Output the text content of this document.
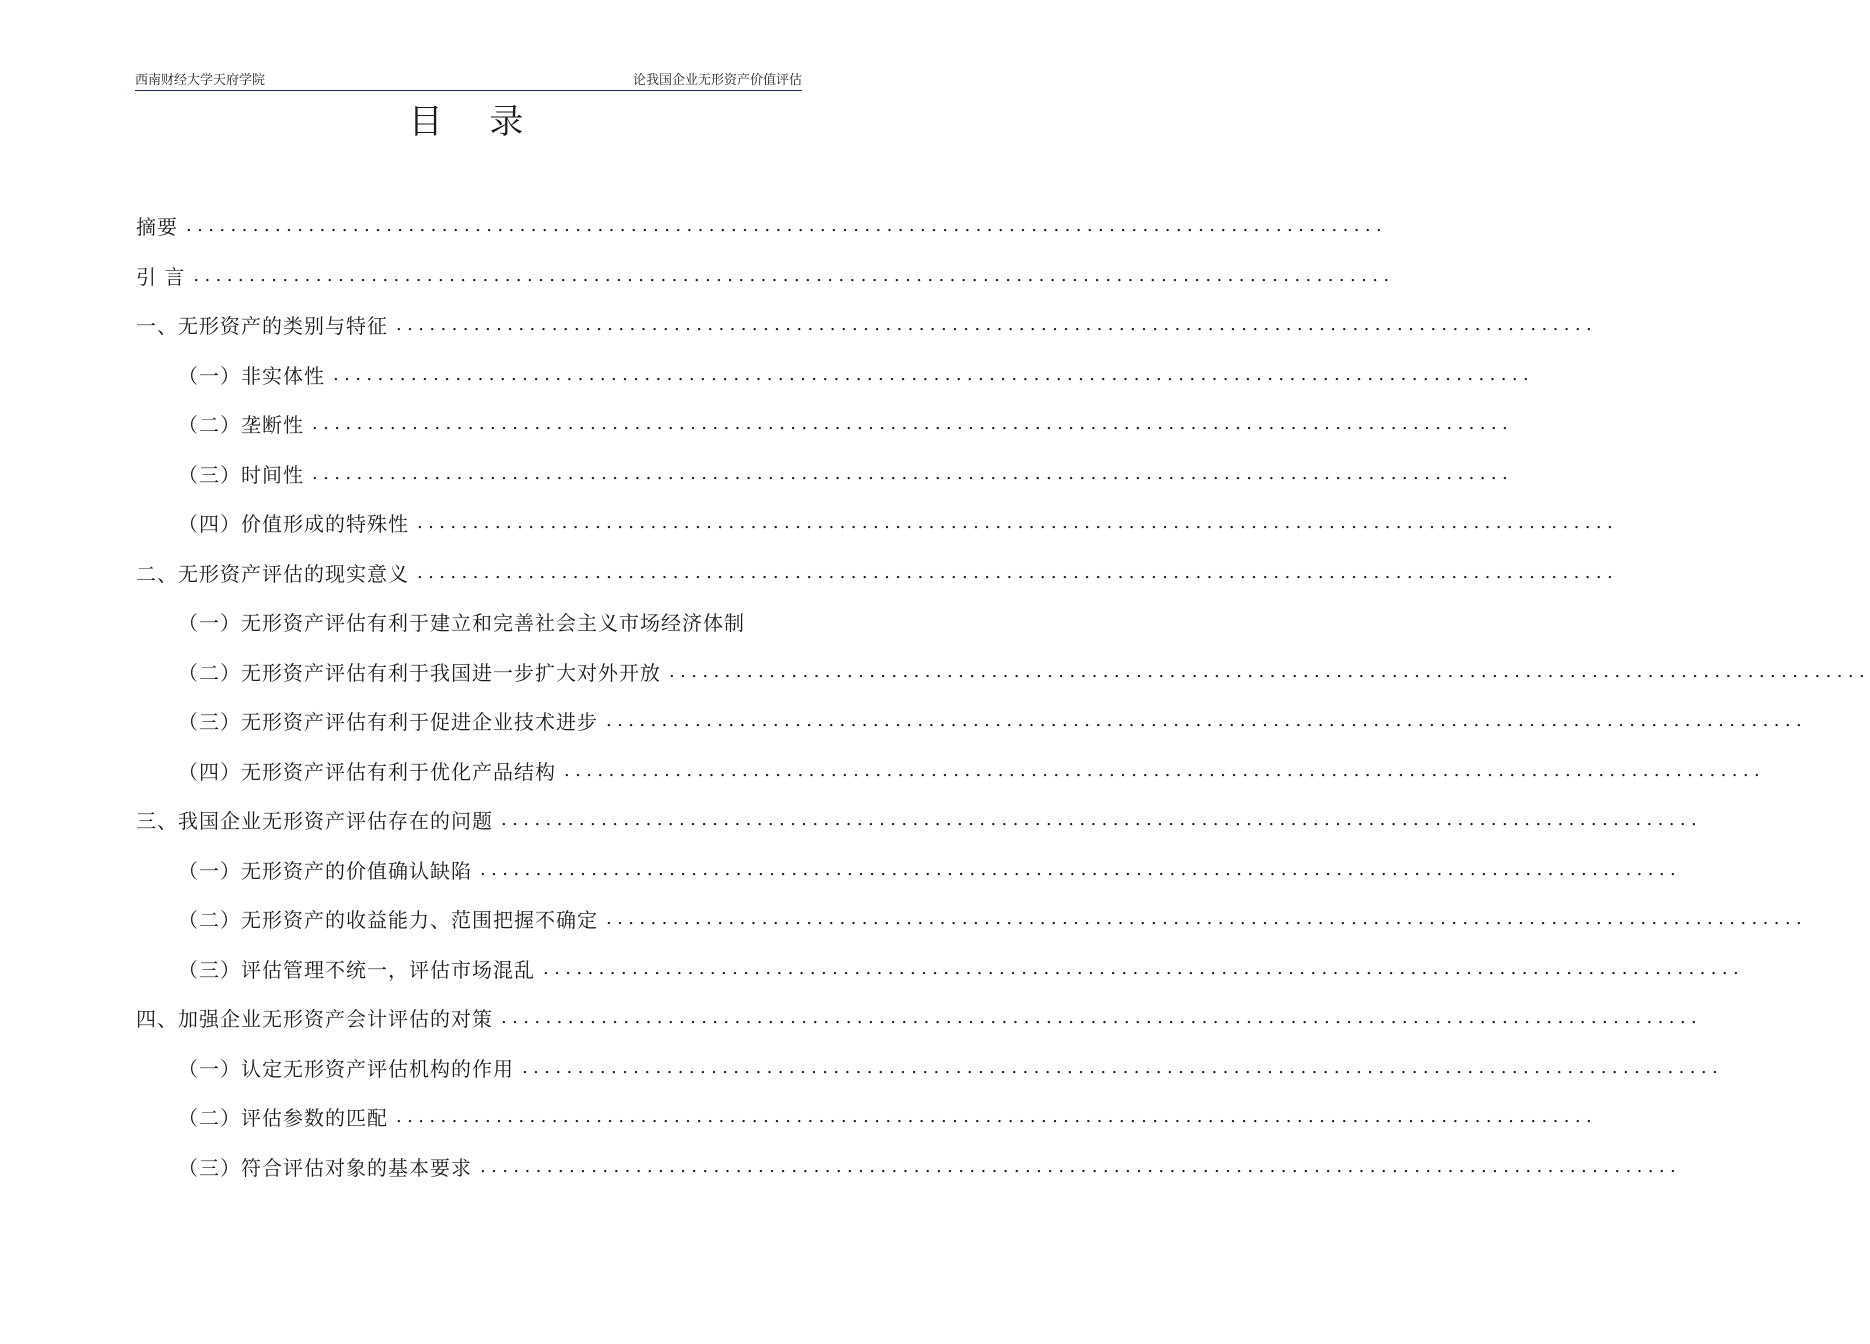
西南财经大学天府学院	论我国企业无形资产价值评估
目 录
摘要 ............................................................................................................
引 言 ............................................................................................................
一、无形资产的类别与特征 ............................................................................................................
（一）非实体性 ............................................................................................................
（二）垄断性 ............................................................................................................
（三）时间性 ............................................................................................................
（四）价值形成的特殊性 ............................................................................................................
二、无形资产评估的现实意义 ............................................................................................................
（一）无形资产评估有利于建立和完善社会主义市场经济体制
（二）无形资产评估有利于我国进一步扩大对外开放 ............................................................................................................
（三）无形资产评估有利于促进企业技术进步 ............................................................................................................
（四）无形资产评估有利于优化产品结构 ............................................................................................................
三、我国企业无形资产评估存在的问题 ............................................................................................................
（一）无形资产的价值确认缺陷 ............................................................................................................
（二）无形资产的收益能力、范围把握不确定 ............................................................................................................
（三）评估管理不统一，评估市场混乱 ............................................................................................................
四、加强企业无形资产会计评估的对策 ............................................................................................................
（一）认定无形资产评估机构的作用 ............................................................................................................
（二）评估参数的匹配 ............................................................................................................
（三）符合评估对象的基本要求 ............................................................................................................
